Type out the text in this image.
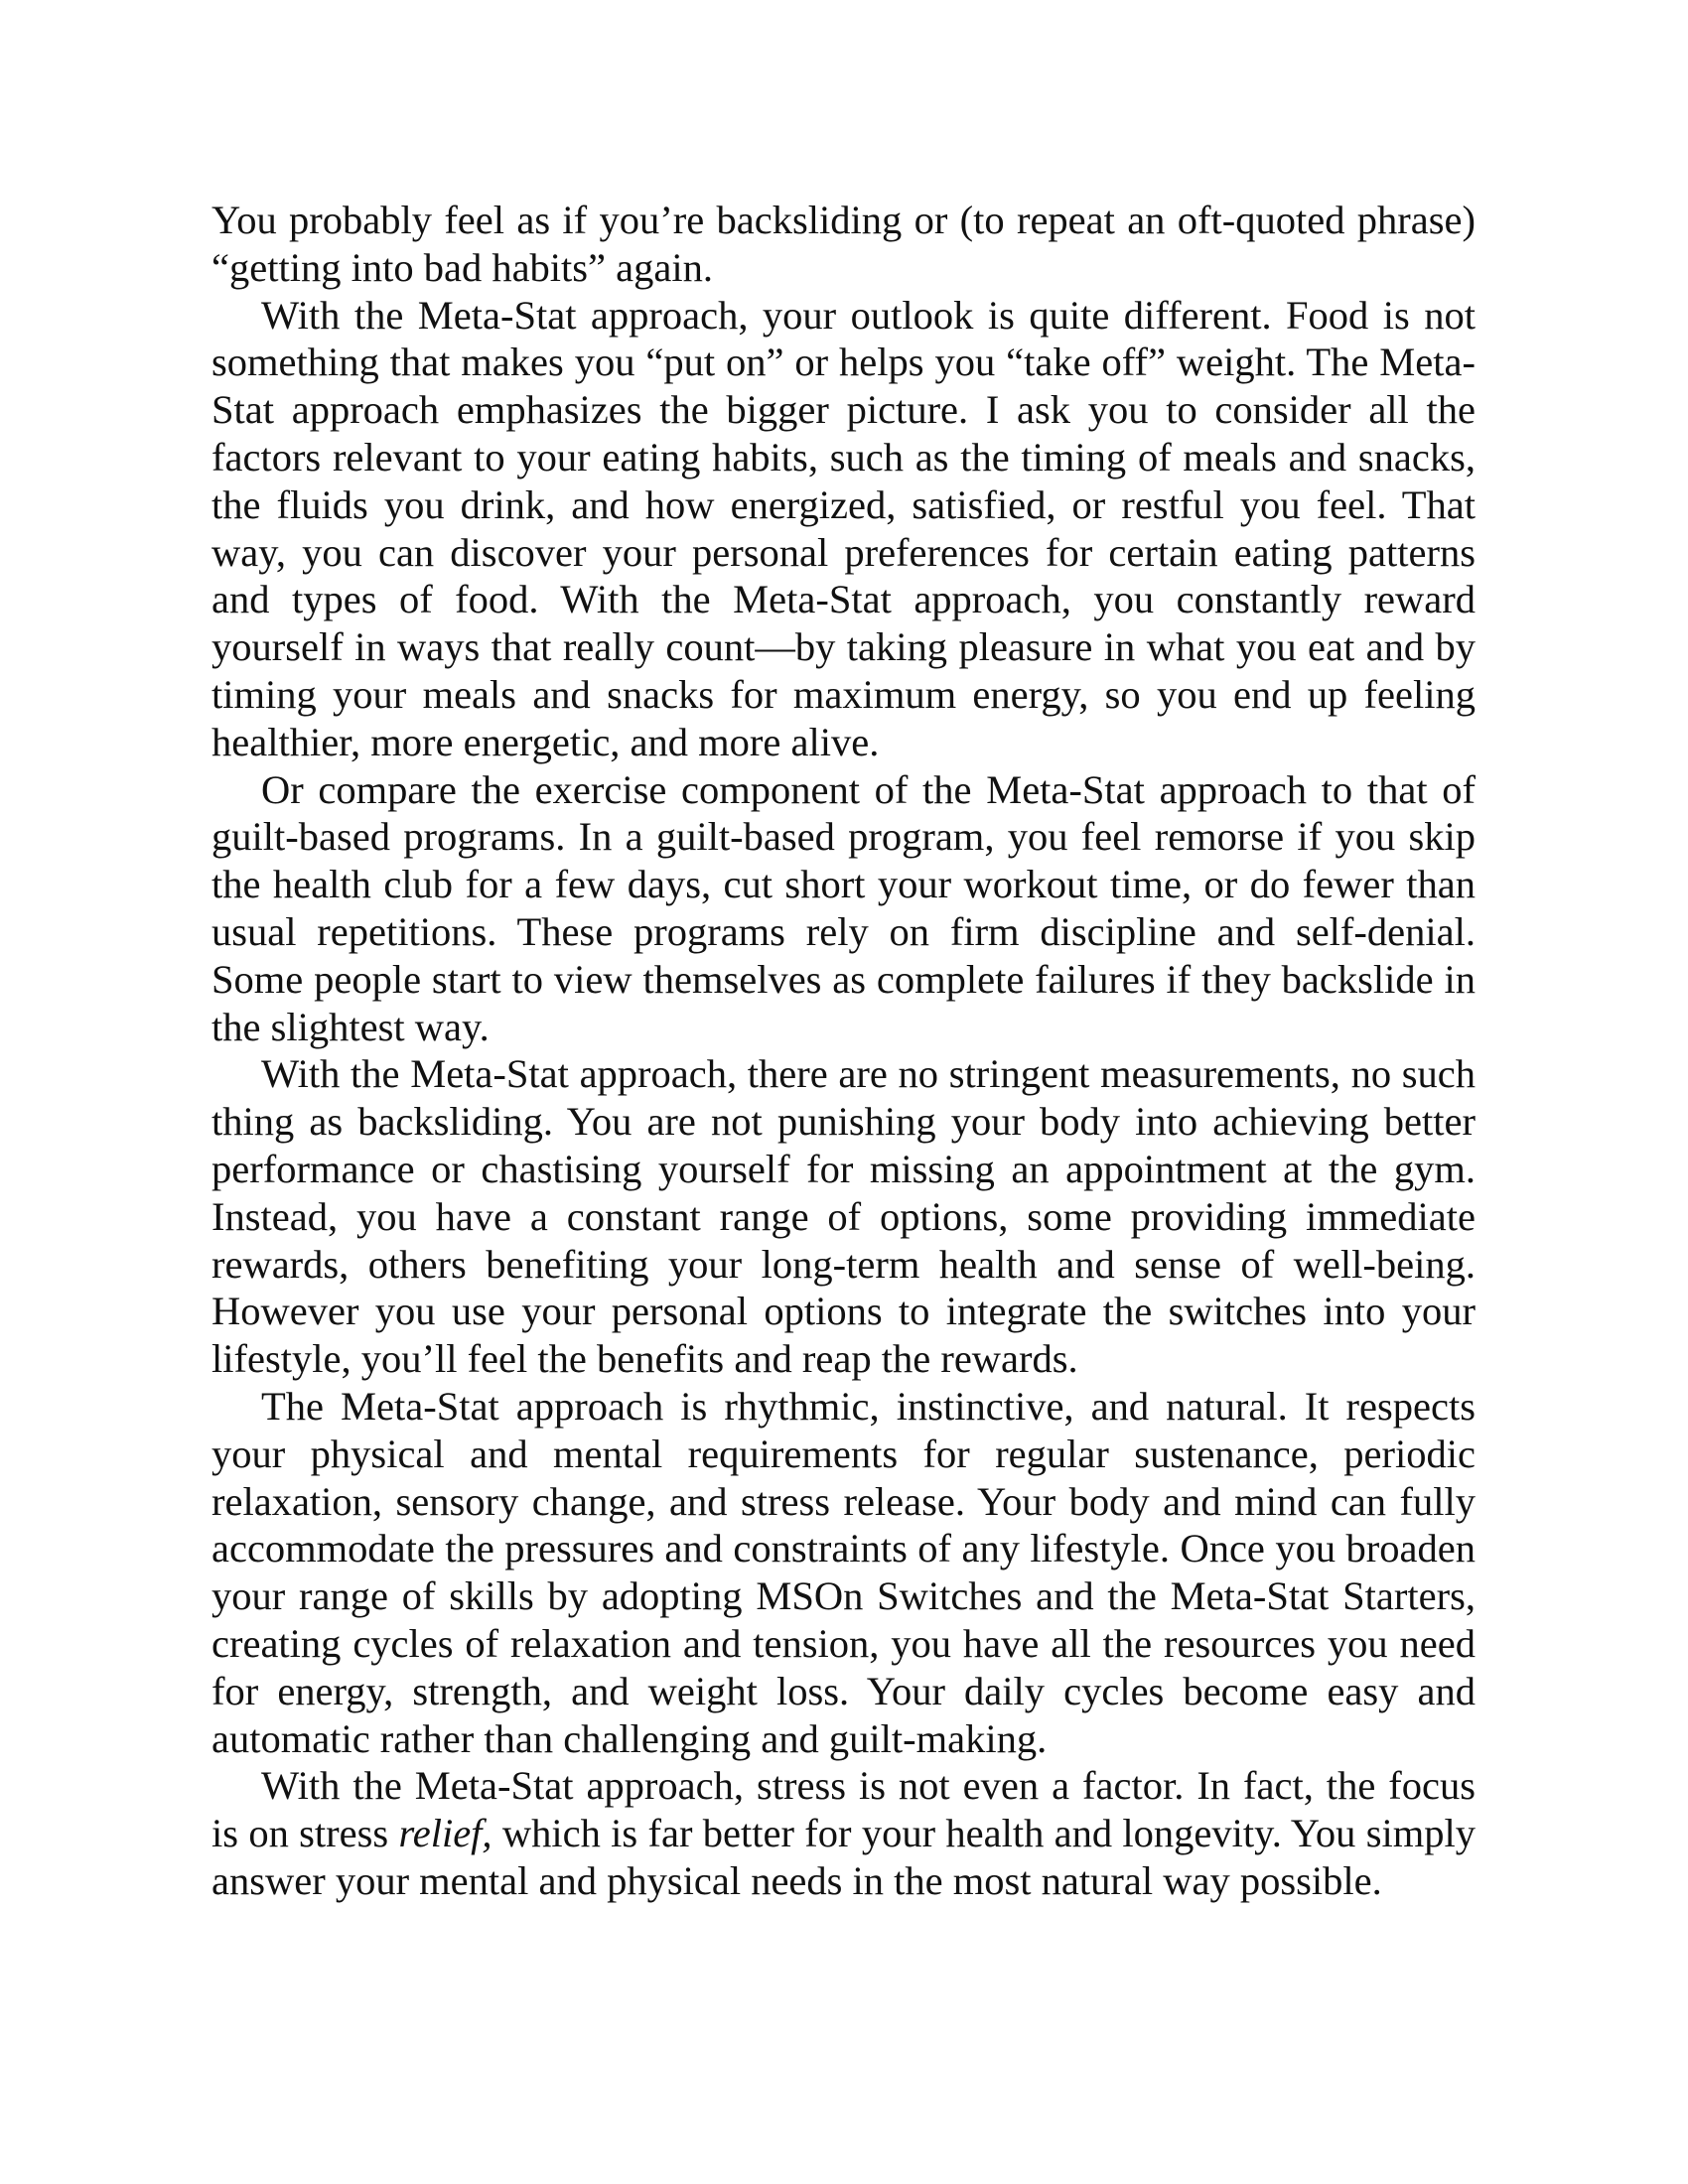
You probably feel as if you’re backsliding or (to repeat an oft-quoted phrase) “getting into bad habits” again.

With the Meta-Stat approach, your outlook is quite different. Food is not something that makes you “put on” or helps you “take off” weight. The Meta-Stat approach emphasizes the bigger picture. I ask you to consider all the factors relevant to your eating habits, such as the timing of meals and snacks, the fluids you drink, and how energized, satisfied, or restful you feel. That way, you can discover your personal preferences for certain eating patterns and types of food. With the Meta-Stat approach, you constantly reward yourself in ways that really count—by taking pleasure in what you eat and by timing your meals and snacks for maximum energy, so you end up feeling healthier, more energetic, and more alive.

Or compare the exercise component of the Meta-Stat approach to that of guilt-based programs. In a guilt-based program, you feel remorse if you skip the health club for a few days, cut short your workout time, or do fewer than usual repetitions. These programs rely on firm discipline and self-denial. Some people start to view themselves as complete failures if they backslide in the slightest way.

With the Meta-Stat approach, there are no stringent measurements, no such thing as backsliding. You are not punishing your body into achieving better performance or chastising yourself for missing an appointment at the gym. Instead, you have a constant range of options, some providing immediate rewards, others benefiting your long-term health and sense of well-being. However you use your personal options to integrate the switches into your lifestyle, you’ll feel the benefits and reap the rewards.

The Meta-Stat approach is rhythmic, instinctive, and natural. It respects your physical and mental requirements for regular sustenance, periodic relaxation, sensory change, and stress release. Your body and mind can fully accommodate the pressures and constraints of any lifestyle. Once you broaden your range of skills by adopting MSOn Switches and the Meta-Stat Starters, creating cycles of relaxation and tension, you have all the resources you need for energy, strength, and weight loss. Your daily cycles become easy and automatic rather than challenging and guilt-making.

With the Meta-Stat approach, stress is not even a factor. In fact, the focus is on stress relief, which is far better for your health and longevity. You simply answer your mental and physical needs in the most natural way possible.
